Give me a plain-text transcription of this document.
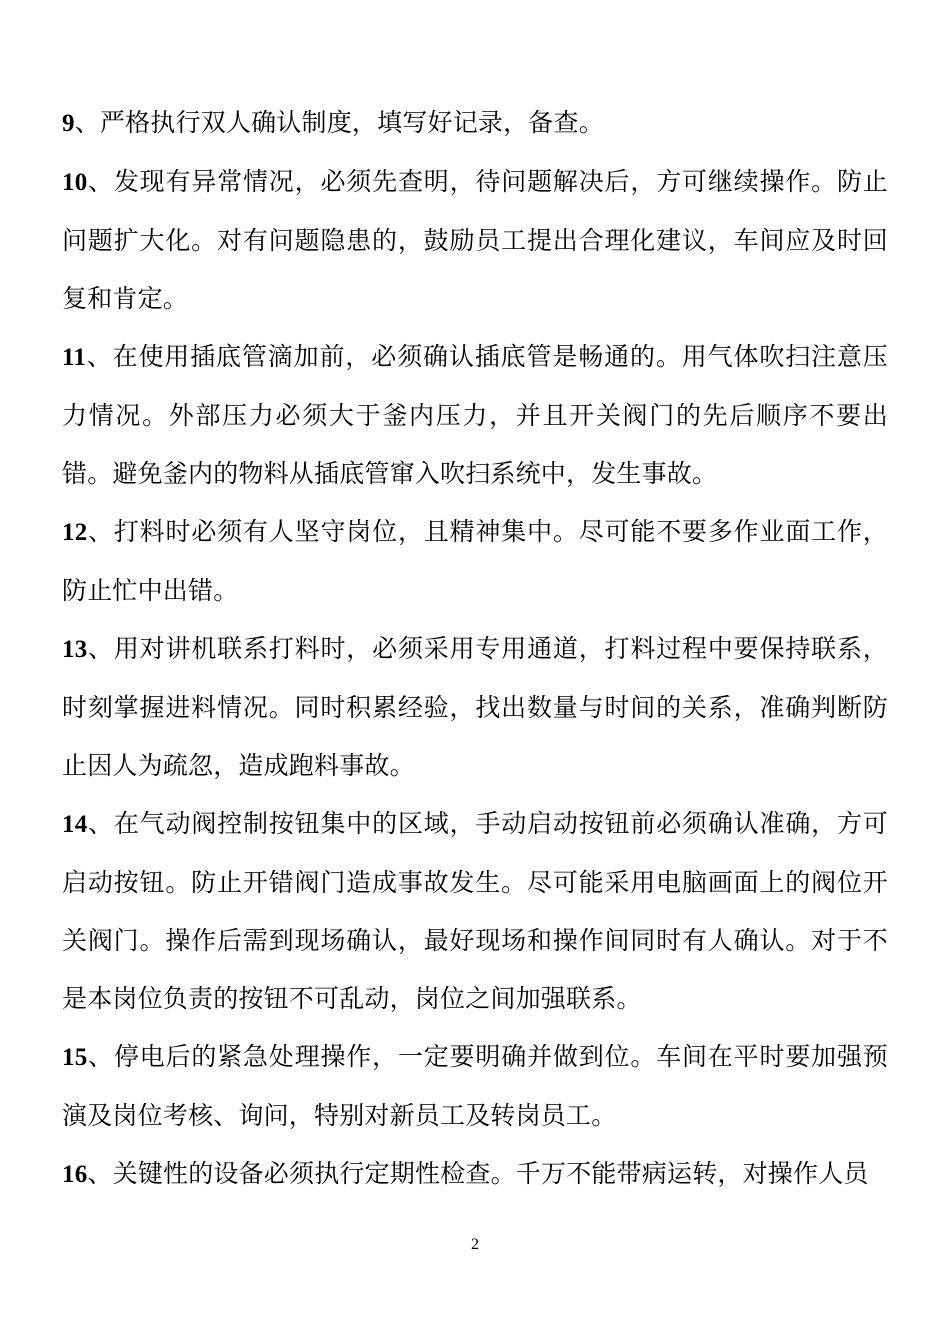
9、严格执行双人确认制度，填写好记录，备查。

10、发现有异常情况，必须先查明，待问题解决后，方可继续操作。防止问题扩大化。对有问题隐患的，鼓励员工提出合理化建议，车间应及时回复和肯定。

11、在使用插底管滴加前，必须确认插底管是畅通的。用气体吹扫注意压力情况。外部压力必须大于釜内压力，并且开关阀门的先后顺序不要出错。避免釜内的物料从插底管窜入吹扫系统中，发生事故。

12、打料时必须有人坚守岗位，且精神集中。尽可能不要多作业面工作，防止忙中出错。

13、用对讲机联系打料时，必须采用专用通道，打料过程中要保持联系，时刻掌握进料情况。同时积累经验，找出数量与时间的关系，准确判断防止因人为疏忽，造成跑料事故。

14、在气动阀控制按钮集中的区域，手动启动按钮前必须确认准确，方可启动按钮。防止开错阀门造成事故发生。尽可能采用电脑画面上的阀位开关阀门。操作后需到现场确认，最好现场和操作间同时有人确认。对于不是本岗位负责的按钮不可乱动，岗位之间加强联系。

15、停电后的紧急处理操作，一定要明确并做到位。车间在平时要加强预演及岗位考核、询问，特别对新员工及转岗员工。

16、关键性的设备必须执行定期性检查。千万不能带病运转，对操作人员

2
